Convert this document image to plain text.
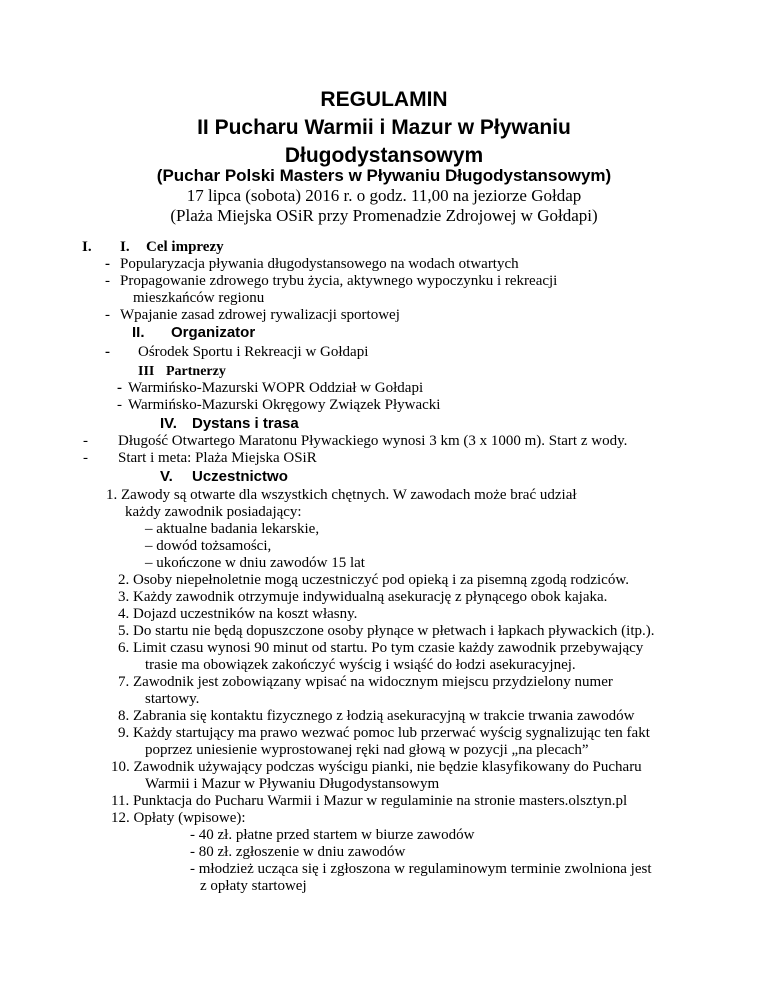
REGULAMIN
II Pucharu Warmii i Mazur w Pływaniu
Długodystansowym
(Puchar Polski Masters w Pływaniu Długodystansowym)
17 lipca (sobota) 2016 r. o godz. 11,00 na jeziorze Gołdap
(Plaża Miejska OSiR przy Promenadzie Zdrojowej w Gołdapi)
I. I. Cel imprezy
- Popularyzacja pływania długodystansowego na wodach otwartych
- Propagowanie zdrowego trybu życia, aktywnego wypoczynku i rekreacji
mieszkańców regionu
- Wpajanie zasad zdrowej rywalizacji sportowej
II. Organizator
- Ośrodek Sportu i Rekreacji w Gołdapi
III Partnerzy
- Warmińsko-Mazurski WOPR Oddział w Gołdapi
- Warmińsko-Mazurski Okręgowy Związek Pływacki
IV. Dystans i trasa
- Długość Otwartego Maratonu Pływackiego wynosi 3 km (3 x 1000 m). Start z wody.
- Start i meta: Plaża Miejska OSiR
V. Uczestnictwo
1. Zawody są otwarte dla wszystkich chętnych. W zawodach może brać udział
każdy zawodnik posiadający:
– aktualne badania lekarskie,
– dowód tożsamości,
– ukończone w dniu zawodów 15 lat
2. Osoby niepełnoletnie mogą uczestniczyć pod opieką i za pisemną zgodą rodziców.
3. Każdy zawodnik otrzymuje indywidualną asekurację z płynącego obok kajaka.
4. Dojazd uczestników na koszt własny.
5. Do startu nie będą dopuszczone osoby płynące w płetwach i łapkach pływackich (itp.).
6. Limit czasu wynosi 90 minut od startu. Po tym czasie każdy zawodnik przebywający
trasie ma obowiązek zakończyć wyścig i wsiąść do łodzi asekuracyjnej.
7. Zawodnik jest zobowiązany wpisać na widocznym miejscu przydzielony numer
startowy.
8. Zabrania się kontaktu fizycznego z łodzią asekuracyjną w trakcie trwania zawodów
9. Każdy startujący ma prawo wezwać pomoc lub przerwać wyścig sygnalizując ten fakt
poprzez uniesienie wyprostowanej ręki nad głową w pozycji „na plecach”
10. Zawodnik używający podczas wyścigu pianki, nie będzie klasyfikowany do Pucharu
Warmii i Mazur w Pływaniu Długodystansowym
11. Punktacja do Pucharu Warmii i Mazur w regulaminie na stronie masters.olsztyn.pl
12. Opłaty (wpisowe):
- 40 zł. płatne przed startem w biurze zawodów
- 80 zł. zgłoszenie w dniu zawodów
- młodzież ucząca się i zgłoszona w regulaminowym terminie zwolniona jest
z opłaty startowej
